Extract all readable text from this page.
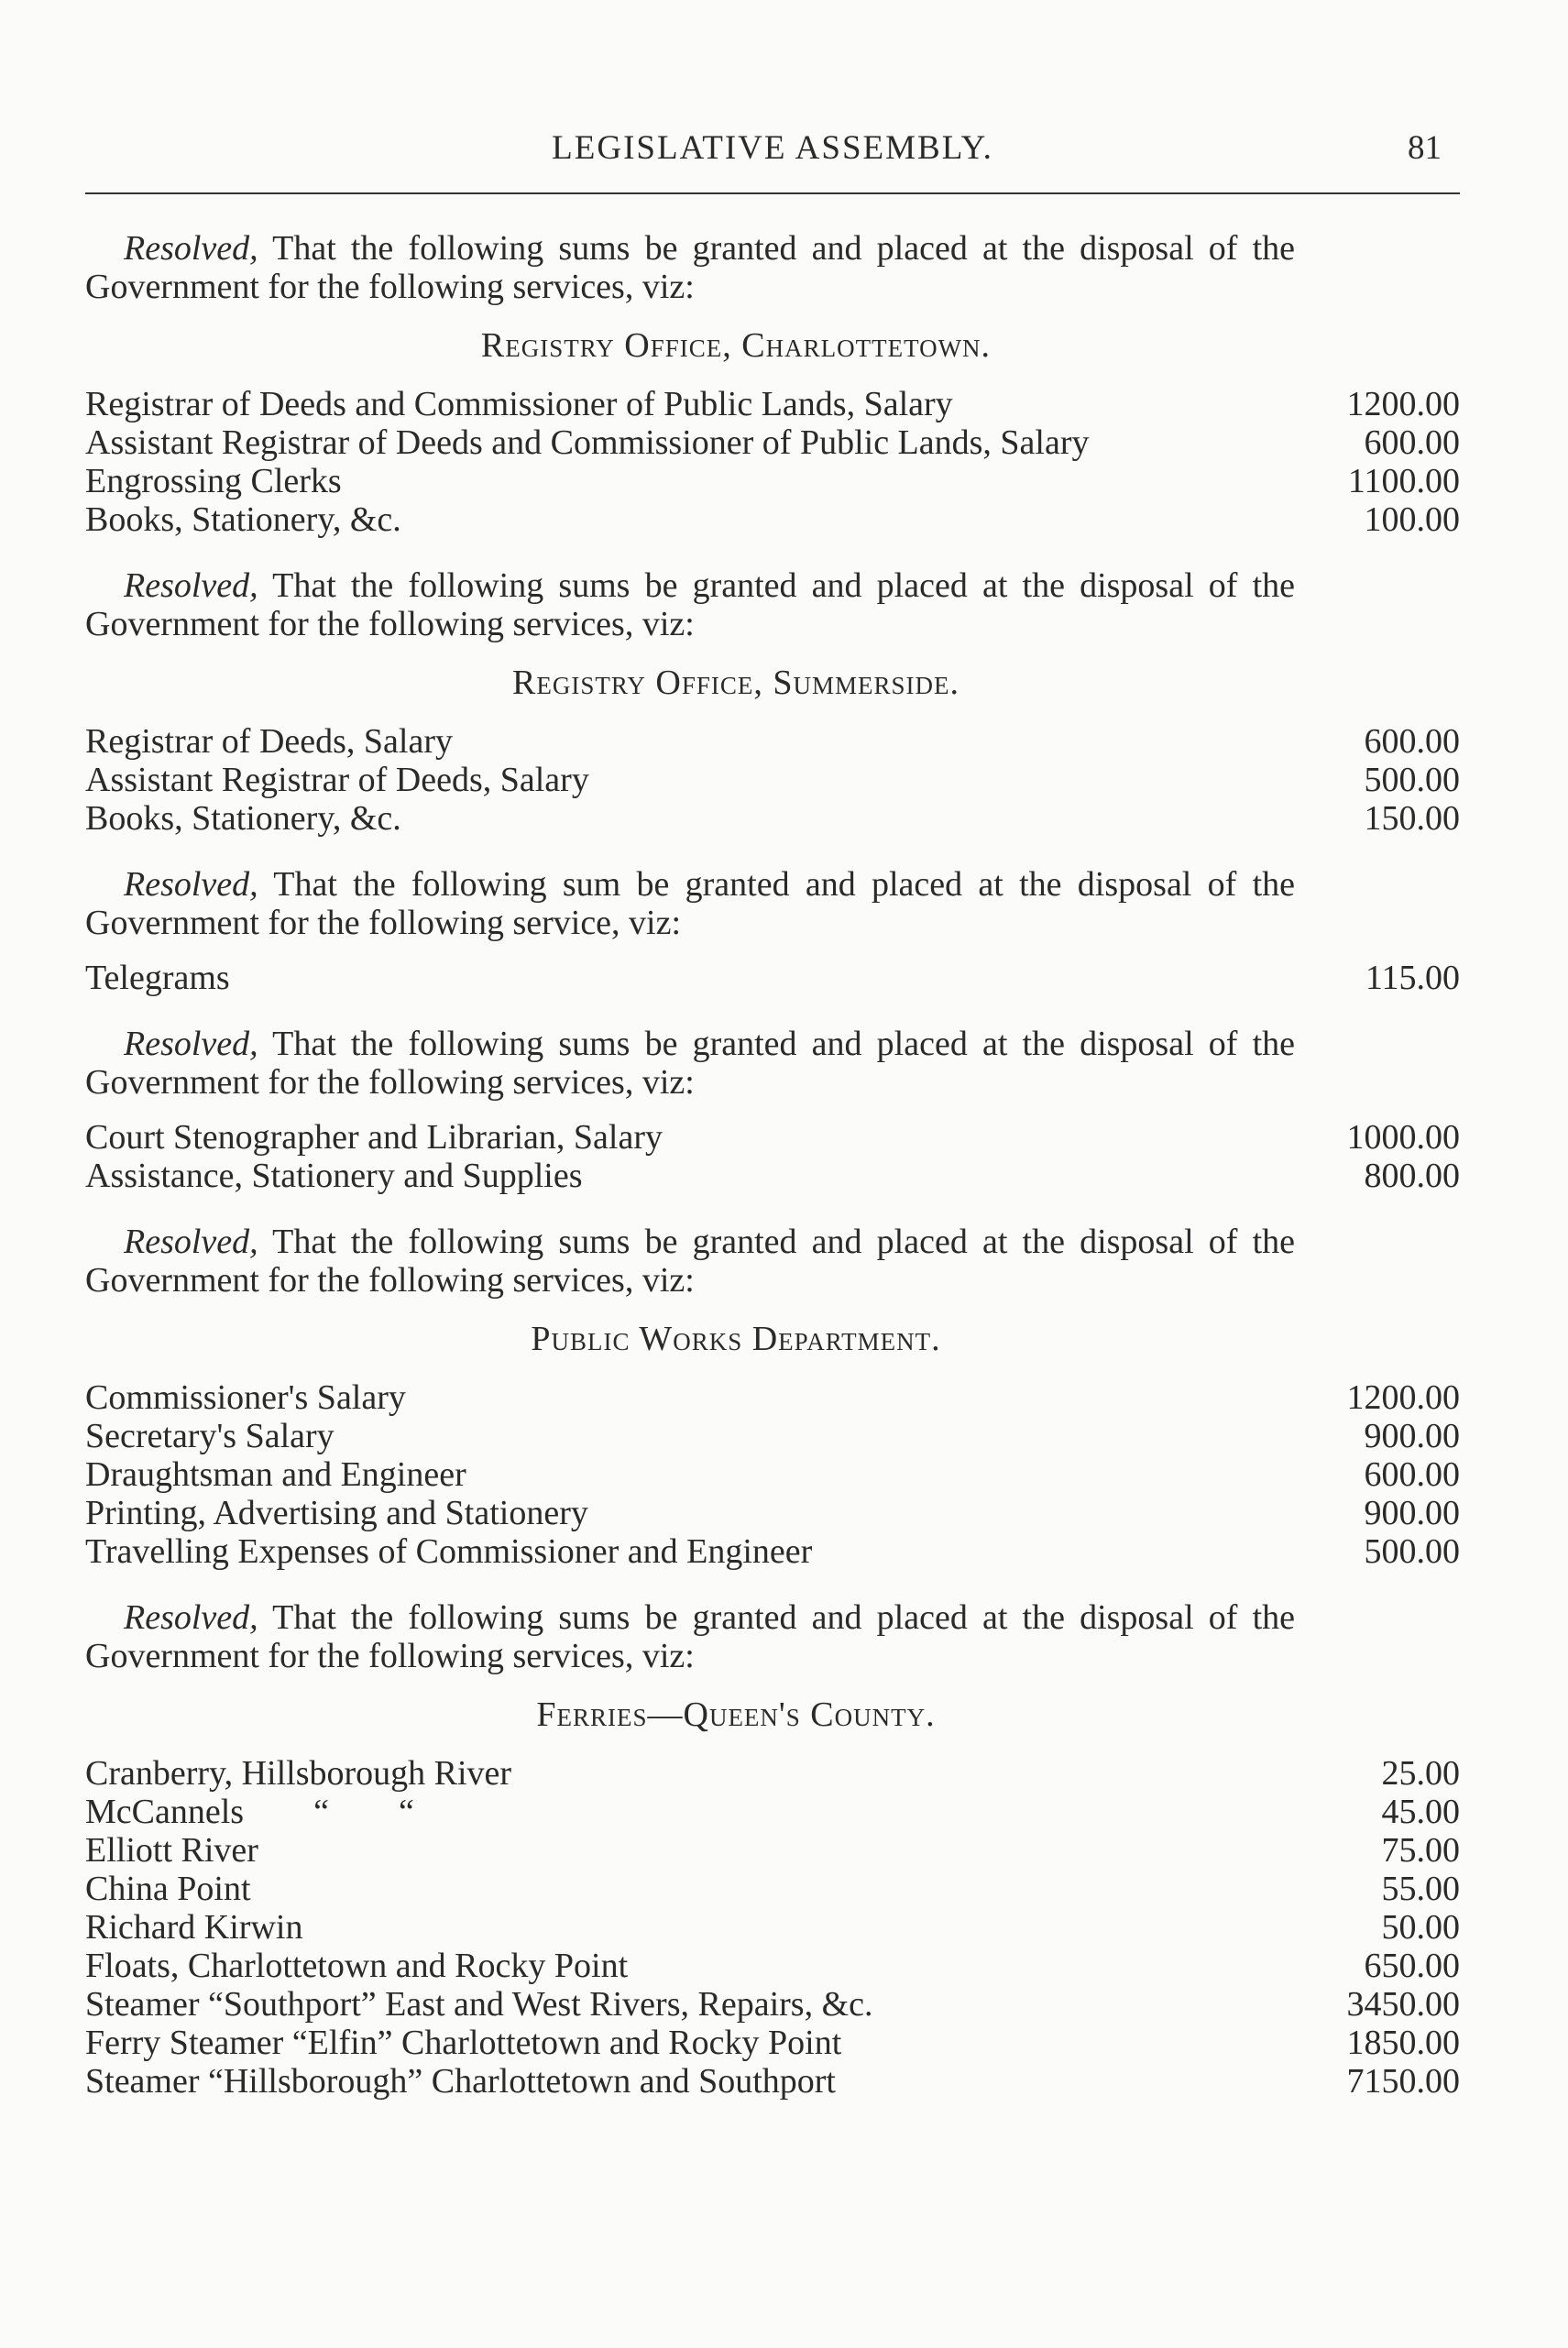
LEGISLATIVE ASSEMBLY.	81

Resolved, That the following sums be granted and placed at the disposal of the Government for the following services, viz:

Registry Office, Charlottetown.
Registrar of Deeds and Commissioner of Public Lands, Salary	1200.00
Assistant Registrar of Deeds and Commissioner of Public Lands, Salary	600.00
Engrossing Clerks	1100.00
Books, Stationery, &c.	100.00

Resolved, That the following sums be granted and placed at the disposal of the Government for the following services, viz:

Registry Office, Summerside.
Registrar of Deeds, Salary	600.00
Assistant Registrar of Deeds, Salary	500.00
Books, Stationery, &c.	150.00

Resolved, That the following sum be granted and placed at the disposal of the Government for the following service, viz:

Telegrams	115.00

Resolved, That the following sums be granted and placed at the disposal of the Government for the following services, viz:

Court Stenographer and Librarian, Salary	1000.00
Assistance, Stationery and Supplies	800.00

Resolved, That the following sums be granted and placed at the disposal of the Government for the following services, viz:

Public Works Department.
Commissioner's Salary	1200.00
Secretary's Salary	900.00
Draughtsman and Engineer	600.00
Printing, Advertising and Stationery	900.00
Travelling Expenses of Commissioner and Engineer	500.00

Resolved, That the following sums be granted and placed at the disposal of the Government for the following services, viz:

Ferries—Queen's County.
Cranberry, Hillsborough River	25.00
McCannels        “        “	45.00
Elliott River	75.00
China Point	55.00
Richard Kirwin	50.00
Floats, Charlottetown and Rocky Point	650.00
Steamer “Southport” East and West Rivers, Repairs, &c.	3450.00
Ferry Steamer “Elfin” Charlottetown and Rocky Point	1850.00
Steamer “Hillsborough” Charlottetown and Southport	7150.00
